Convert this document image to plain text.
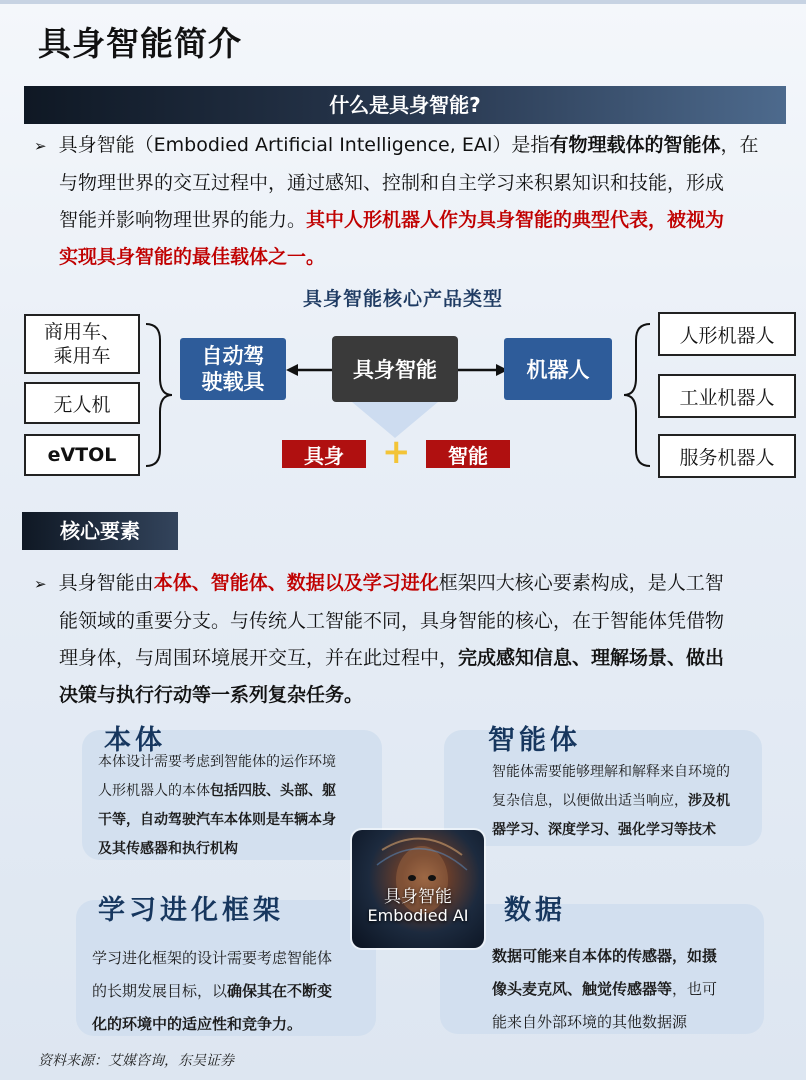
具身智能简介
什么是具身智能?
➢ 具身智能（Embodied Artificial Intelligence, EAI）是指有物理载体的智能体，在
与物理世界的交互过程中，通过感知、控制和自主学习来积累知识和技能，形成
智能并影响物理世界的能力。其中人形机器人作为具身智能的典型代表，被视为
实现具身智能的最佳载体之一。
具身智能核心产品类型
商用车、
乘用车
无人机
eVTOL
自动驾
驶载具	具身智能	机器人
人形机器人
工业机器人
服务机器人
具身	+	智能
核心要素
➢ 具身智能由本体、智能体、数据以及学习进化框架四大核心要素构成，是人工智
能领域的重要分支。与传统人工智能不同，具身智能的核心，在于智能体凭借物
理身体，与周围环境展开交互，并在此过程中，完成感知信息、理解场景、做出
决策与执行行动等一系列复杂任务。
本体
本体设计需要考虑到智能体的运作环境
人形机器人的本体包括四肢、头部、躯
干等，自动驾驶汽车本体则是车辆本身
及其传感器和执行机构
智能体
智能体需要能够理解和解释来自环境的
复杂信息，以便做出适当响应，涉及机
器学习、深度学习、强化学习等技术
学习进化框架
学习进化框架的设计需要考虑智能体
的长期发展目标，以确保其在不断变
化的环境中的适应性和竞争力。
数据
数据可能来自本体的传感器，如摄
像头麦克风、触觉传感器等，也可
能来自外部环境的其他数据源
具身智能
Embodied AI
资料来源：艾媒咨询，东吴证券
